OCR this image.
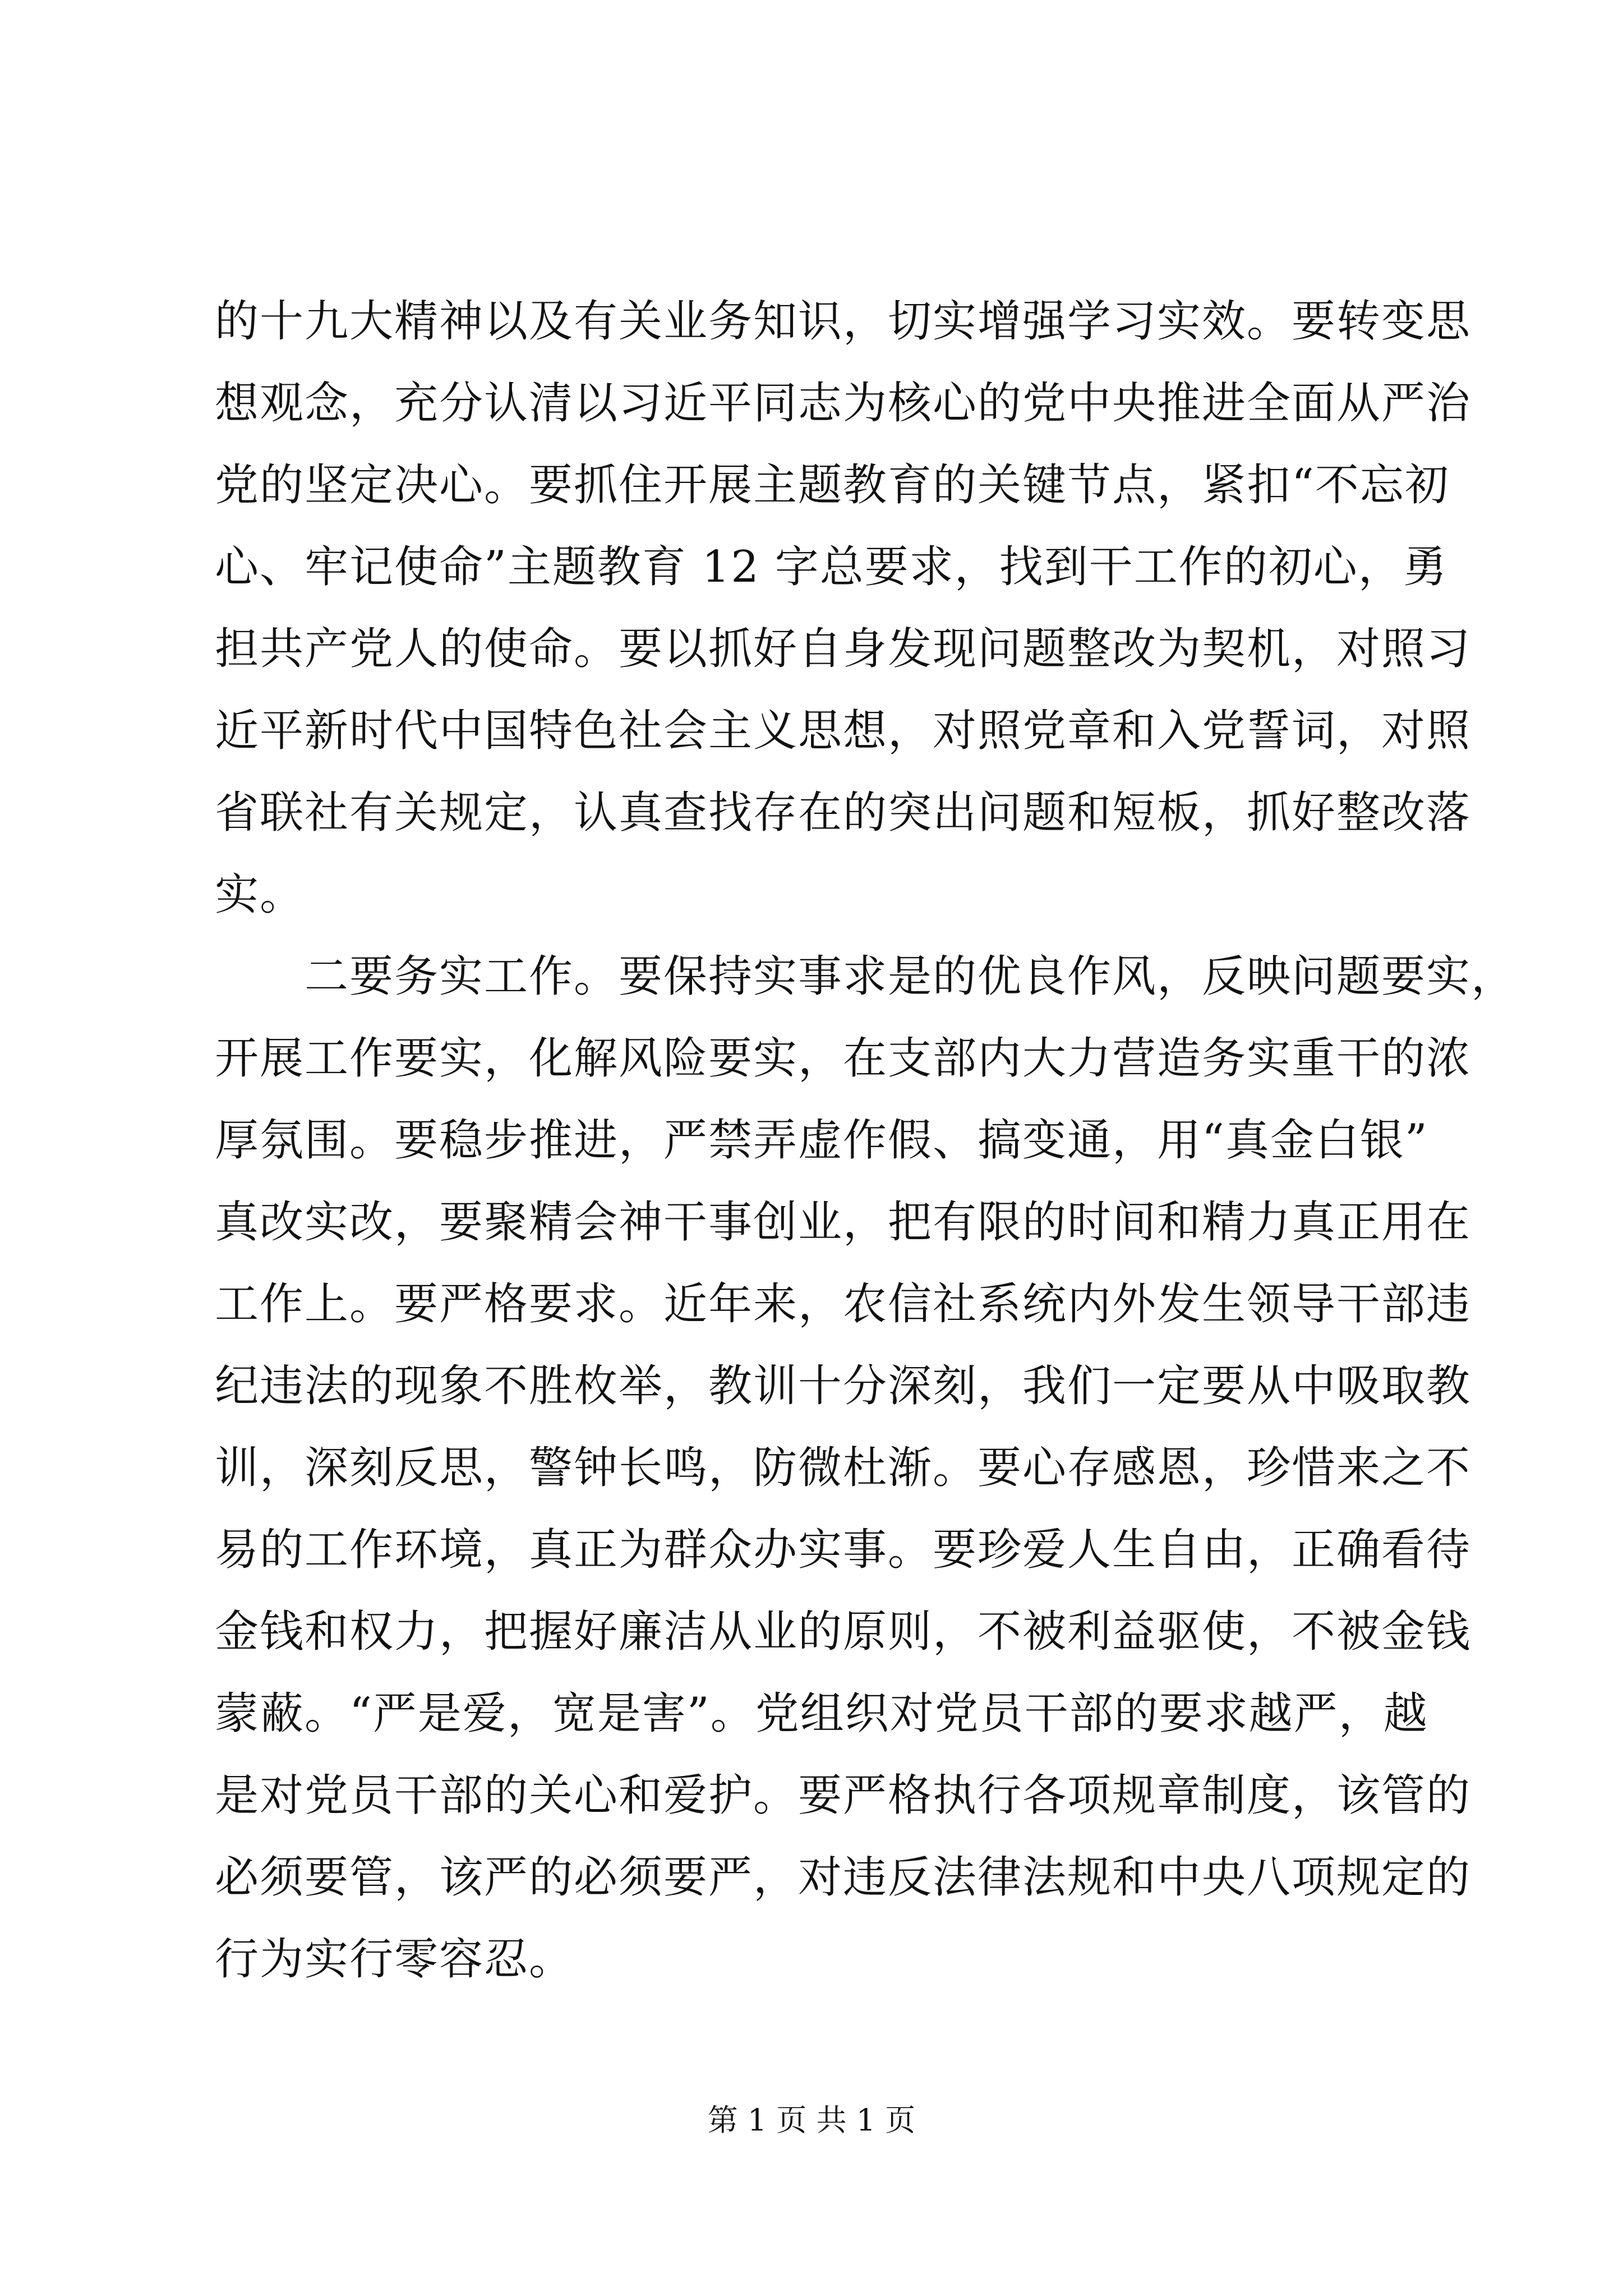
的十九大精神以及有关业务知识，切实增强学习实效。要转变思
想观念，充分认清以习近平同志为核心的党中央推进全面从严治
党的坚定决心。要抓住开展主题教育的关键节点，紧扣“不忘初
心、牢记使命”主题教育 12 字总要求，找到干工作的初心，勇
担共产党人的使命。要以抓好自身发现问题整改为契机，对照习
近平新时代中国特色社会主义思想，对照党章和入党誓词，对照
省联社有关规定，认真查找存在的突出问题和短板，抓好整改落
实。
二要务实工作。要保持实事求是的优良作风，反映问题要实，
开展工作要实，化解风险要实，在支部内大力营造务实重干的浓
厚氛围。要稳步推进，严禁弄虚作假、搞变通，用“真金白银”
真改实改，要聚精会神干事创业，把有限的时间和精力真正用在
工作上。要严格要求。近年来，农信社系统内外发生领导干部违
纪违法的现象不胜枚举，教训十分深刻，我们一定要从中吸取教
训，深刻反思，警钟长鸣，防微杜渐。要心存感恩，珍惜来之不
易的工作环境，真正为群众办实事。要珍爱人生自由，正确看待
金钱和权力，把握好廉洁从业的原则，不被利益驱使，不被金钱
蒙蔽。“严是爱，宽是害”。党组织对党员干部的要求越严，越
是对党员干部的关心和爱护。要严格执行各项规章制度，该管的
必须要管，该严的必须要严，对违反法律法规和中央八项规定的
行为实行零容忍。
第 1 页 共 1 页
